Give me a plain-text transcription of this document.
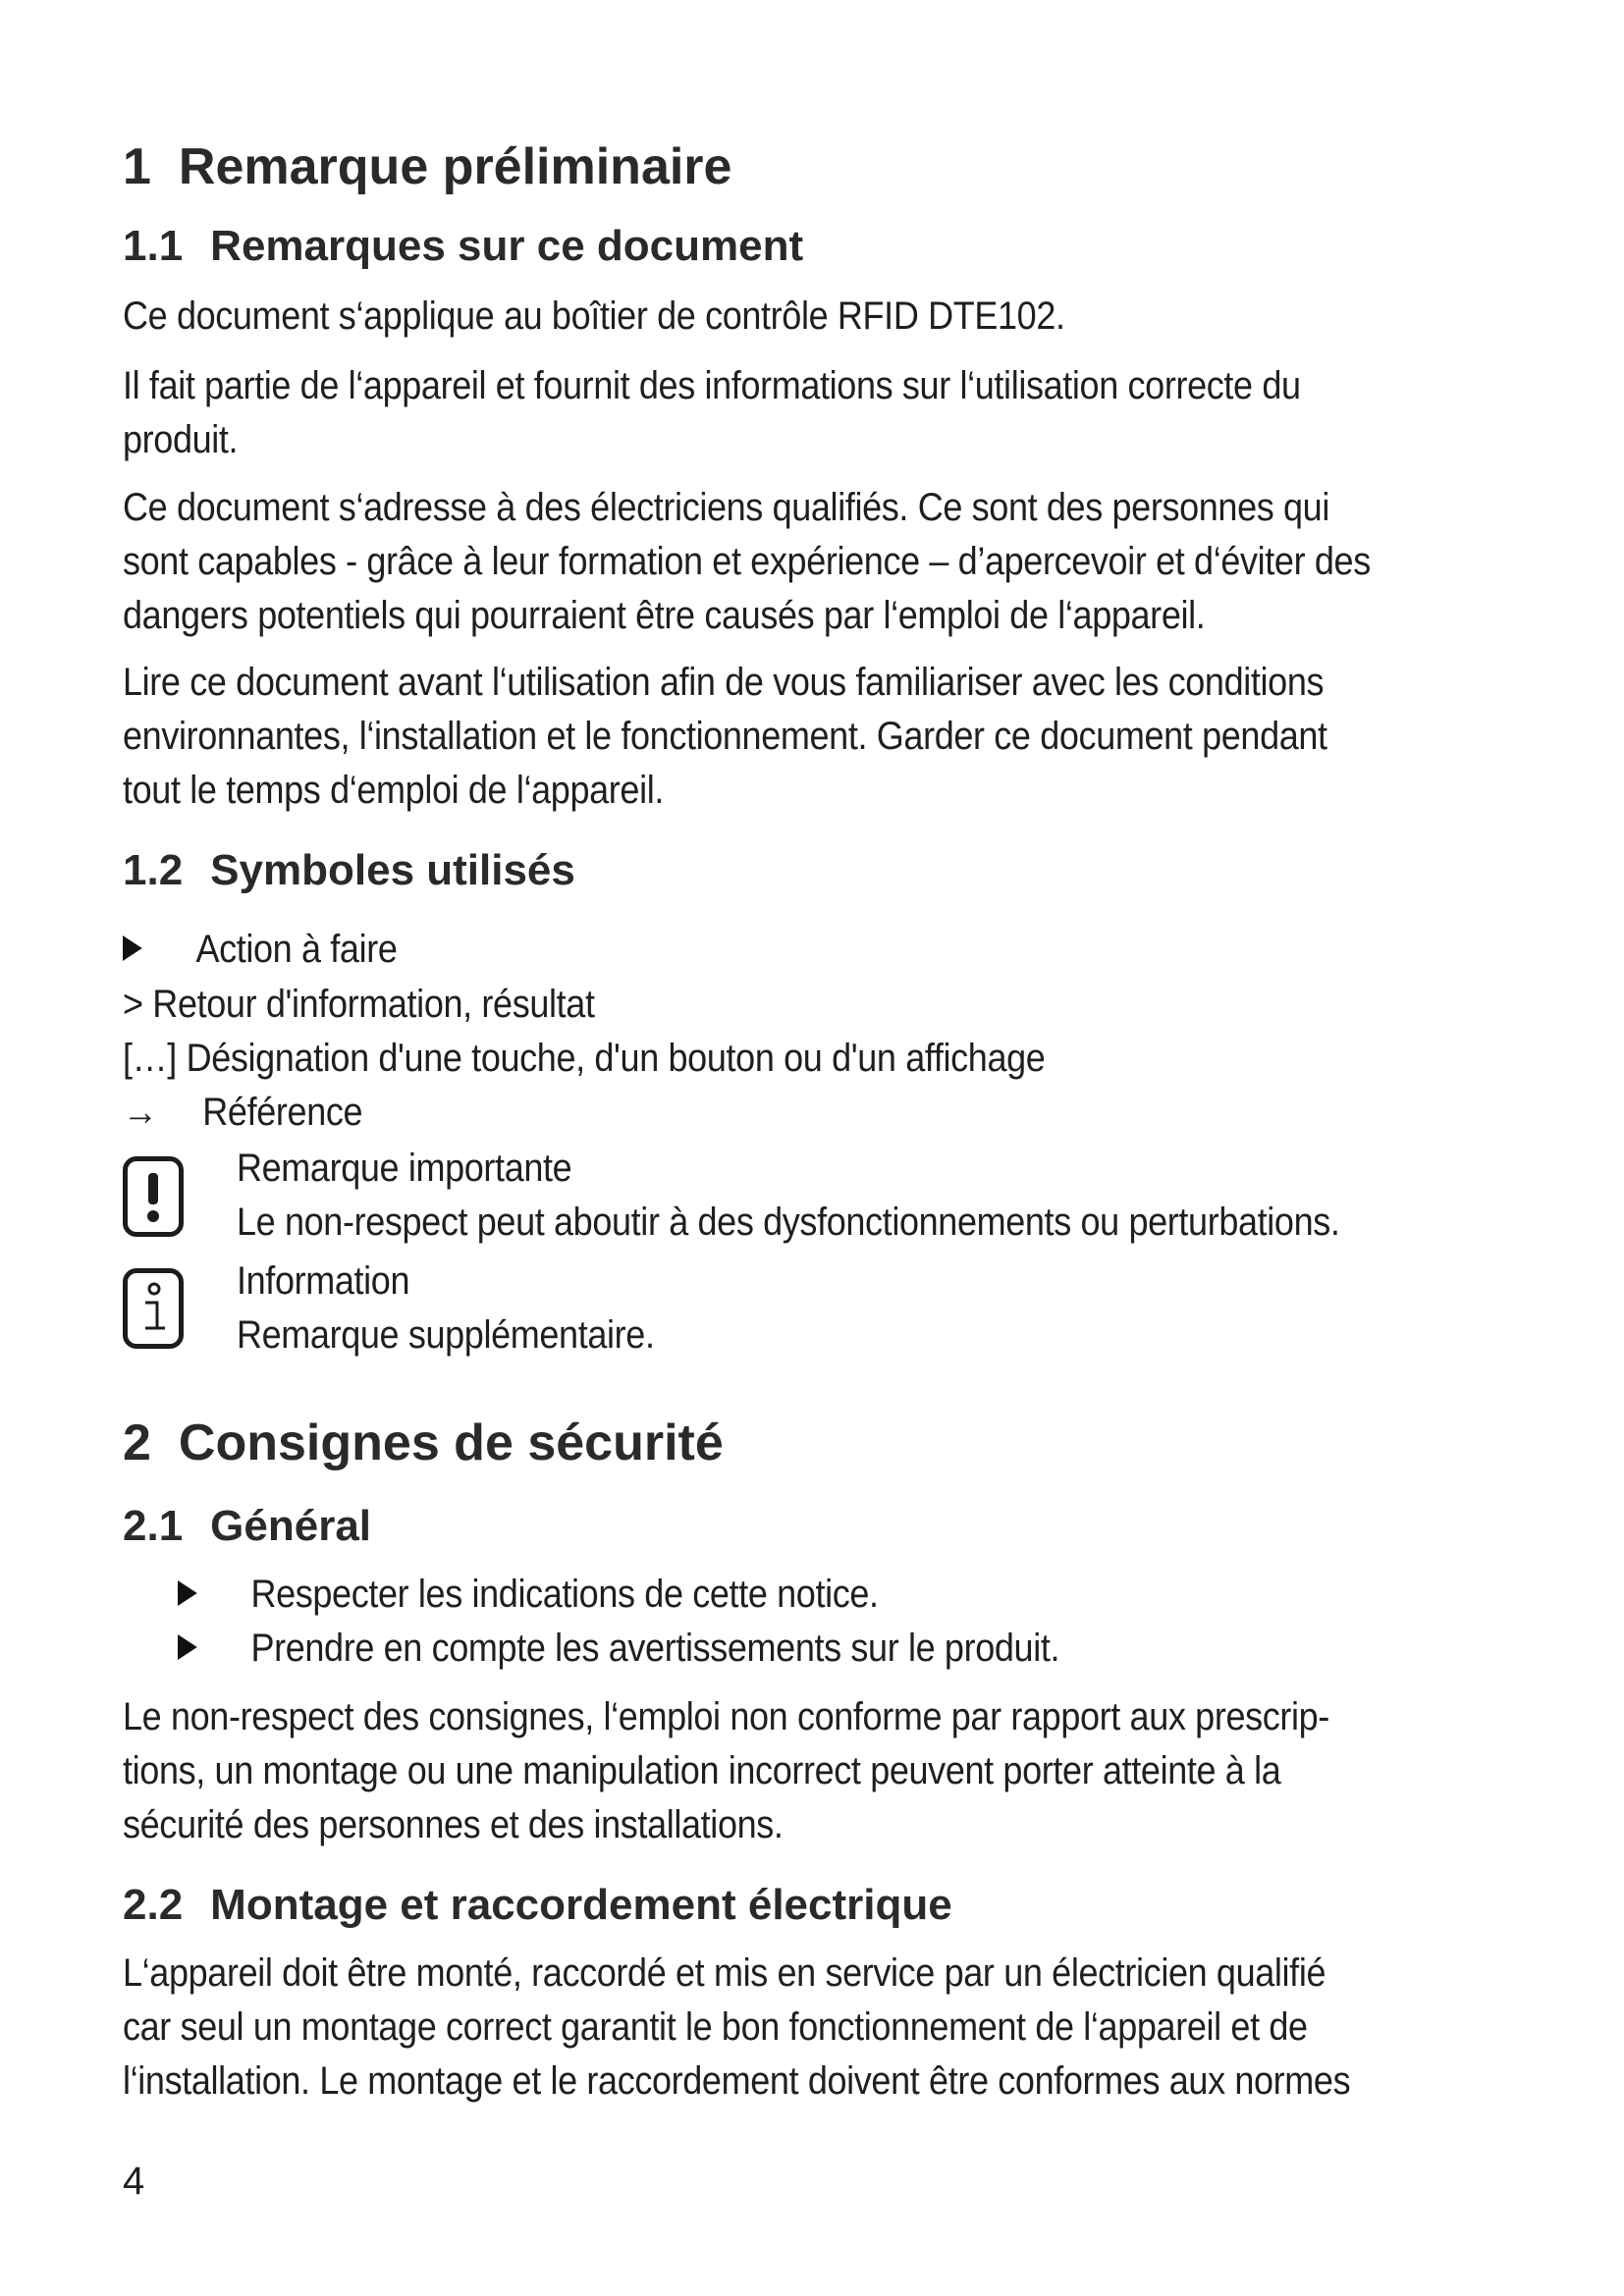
1 Remarque préliminaire
1.1 Remarques sur ce document
Ce document s‘applique au boîtier de contrôle RFID DTE102.
Il fait partie de l‘appareil et fournit des informations sur l‘utilisation correcte du
produit.
Ce document s‘adresse à des électriciens qualifiés. Ce sont des personnes qui
sont capables - grâce à leur formation et expérience – d’apercevoir et d‘éviter des
dangers potentiels qui pourraient être causés par l‘emploi de l‘appareil.
Lire ce document avant l‘utilisation afin de vous familiariser avec les conditions
environnantes, l‘installation et le fonctionnement. Garder ce document pendant
tout le temps d‘emploi de l‘appareil.
1.2 Symboles utilisés
Action à faire
> Retour d'information, résultat
[…] Désignation d'une touche, d'un bouton ou d'un affichage
→ Référence
Remarque importante
Le non-respect peut aboutir à des dysfonctionnements ou perturbations.
Information
Remarque supplémentaire.
2 Consignes de sécurité
2.1 Général
Respecter les indications de cette notice.
Prendre en compte les avertissements sur le produit.
Le non-respect des consignes, l‘emploi non conforme par rapport aux prescrip-
tions, un montage ou une manipulation incorrect peuvent porter atteinte à la
sécurité des personnes et des installations.
2.2 Montage et raccordement électrique
L‘appareil doit être monté, raccordé et mis en service par un électricien qualifié
car seul un montage correct garantit le bon fonctionnement de l‘appareil et de
l‘installation. Le montage et le raccordement doivent être conformes aux normes
4
